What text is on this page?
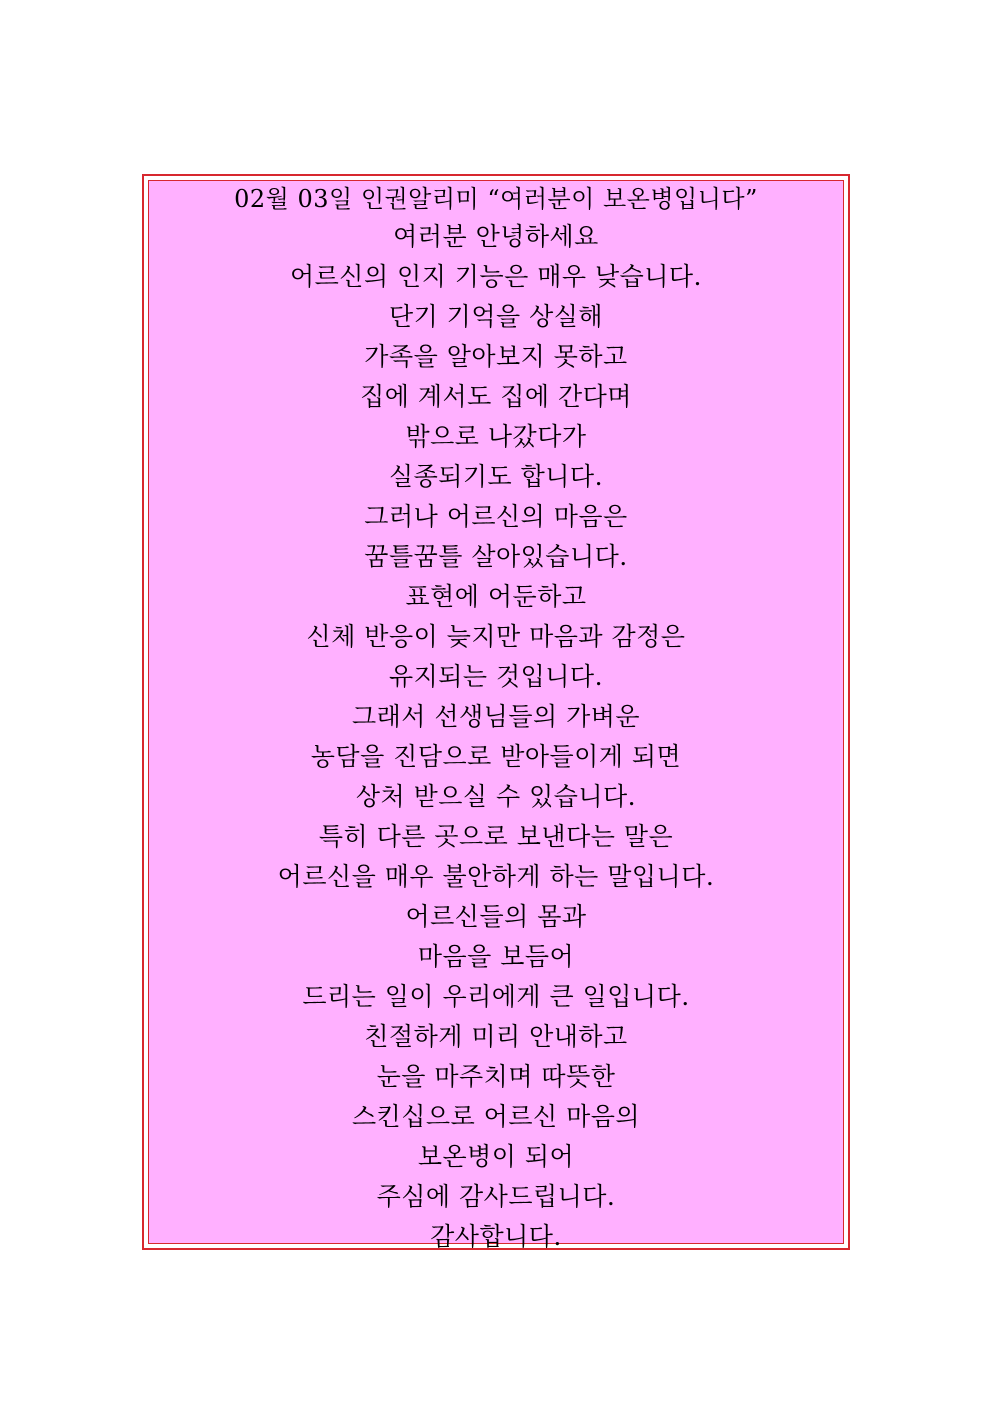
02월 03일 인권알리미 “여러분이 보온병입니다”
여러분 안녕하세요
어르신의 인지 기능은 매우 낮습니다.
단기 기억을 상실해
가족을 알아보지 못하고
집에 계서도 집에 간다며
밖으로 나갔다가
실종되기도 합니다.
그러나 어르신의 마음은
꿈틀꿈틀 살아있습니다.
표현에 어둔하고
신체 반응이 늦지만 마음과 감정은
유지되는 것입니다.
그래서 선생님들의 가벼운
농담을 진담으로 받아들이게 되면
상처 받으실 수 있습니다.
특히 다른 곳으로 보낸다는 말은
어르신을 매우 불안하게 하는 말입니다.
어르신들의 몸과
마음을 보듬어
드리는 일이 우리에게 큰 일입니다.
친절하게 미리 안내하고
눈을 마주치며 따뜻한
스킨십으로 어르신 마음의
보온병이 되어
주심에 감사드립니다.
감사합니다.
